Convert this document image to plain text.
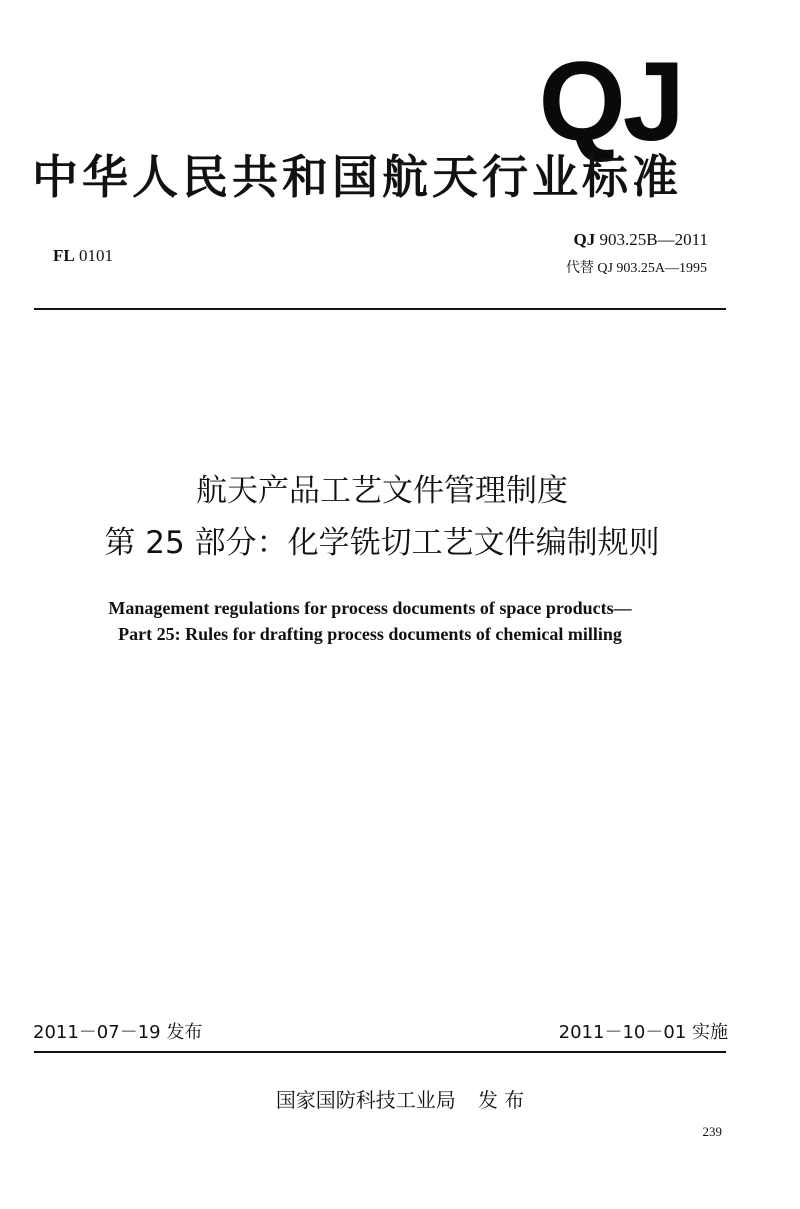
QJ
中华人民共和国航天行业标准
FL 0101
QJ 903.25B—2011
代替 QJ 903.25A—1995
航天产品工艺文件管理制度
第 25 部分：化学铣切工艺文件编制规则
Management regulations for process documents of space products—
Part 25: Rules for drafting process documents of chemical milling
2011－07－19 发布	2011－10－01 实施
国家国防科技工业局 发 布
239
